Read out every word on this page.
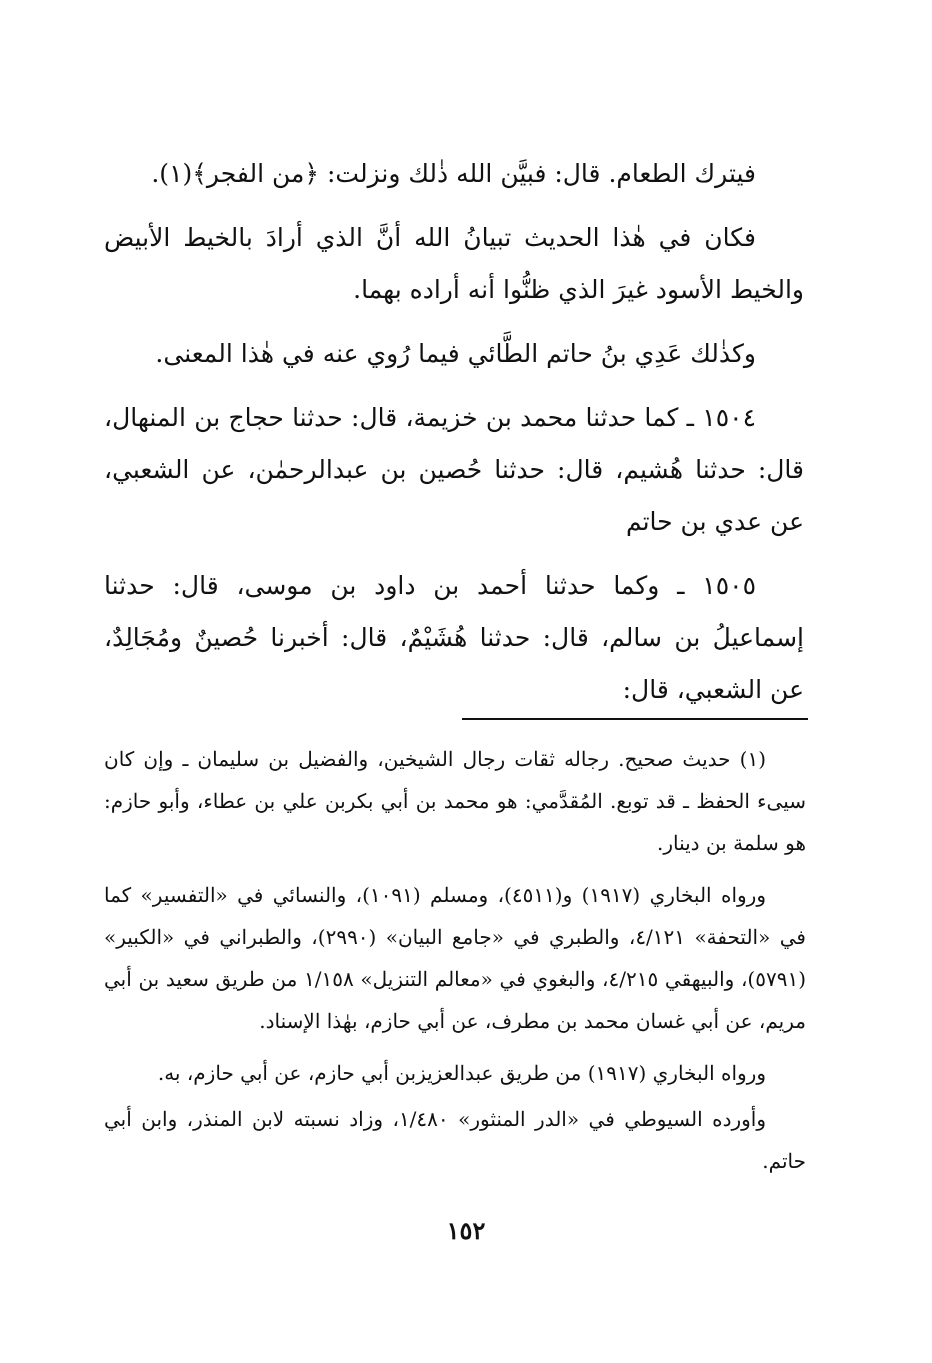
فيترك الطعام. قال: فبيَّن الله ذٰلك ونزلت: ﴿من الفجر﴾(١).

فكان في هٰذا الحديث تبيانُ الله أنَّ الذي أرادَ بالخيط الأبيض والخيط الأسود غيرَ الذي ظنُّوا أنه أراده بهما.

وكذٰلك عَدِي بنُ حاتم الطَّائي فيما رُوي عنه في هٰذا المعنى.

١٥٠٤ ـ كما حدثنا محمد بن خزيمة، قال: حدثنا حجاج بن المنهال، قال: حدثنا هُشيم، قال: حدثنا حُصين بن عبدالرحمٰن، عن الشعبي، عن عدي بن حاتم

١٥٠٥ ـ وكما حدثنا أحمد بن داود بن موسى، قال: حدثنا إسماعيلُ بن سالم، قال: حدثنا هُشَيْمٌ، قال: أخبرنا حُصينٌ ومُجَالِدٌ، عن الشعبي، قال:

(١) حديث صحيح. رجاله ثقات رجال الشيخين، والفضيل بن سليمان ـ وإن كان سيىء الحفظ ـ قد توبع. المُقدَّمي: هو محمد بن أبي بكربن علي بن عطاء، وأبو حازم: هو سلمة بن دينار.

ورواه البخاري (١٩١٧) و(٤٥١١)، ومسلم (١٠٩١)، والنسائي في «التفسير» كما في «التحفة» ٤/١٢١، والطبري في «جامع البيان» (٢٩٩٠)، والطبراني في «الكبير» (٥٧٩١)، والبيهقي ٤/٢١٥، والبغوي في «معالم التنزيل» ١/١٥٨ من طريق سعيد بن أبي مريم، عن أبي غسان محمد بن مطرف، عن أبي حازم، بهٰذا الإسناد.

ورواه البخاري (١٩١٧) من طريق عبدالعزيزبن أبي حازم، عن أبي حازم، به.

وأورده السيوطي في «الدر المنثور» ١/٤٨٠، وزاد نسبته لابن المنذر، وابن أبي حاتم.

١٥٢
